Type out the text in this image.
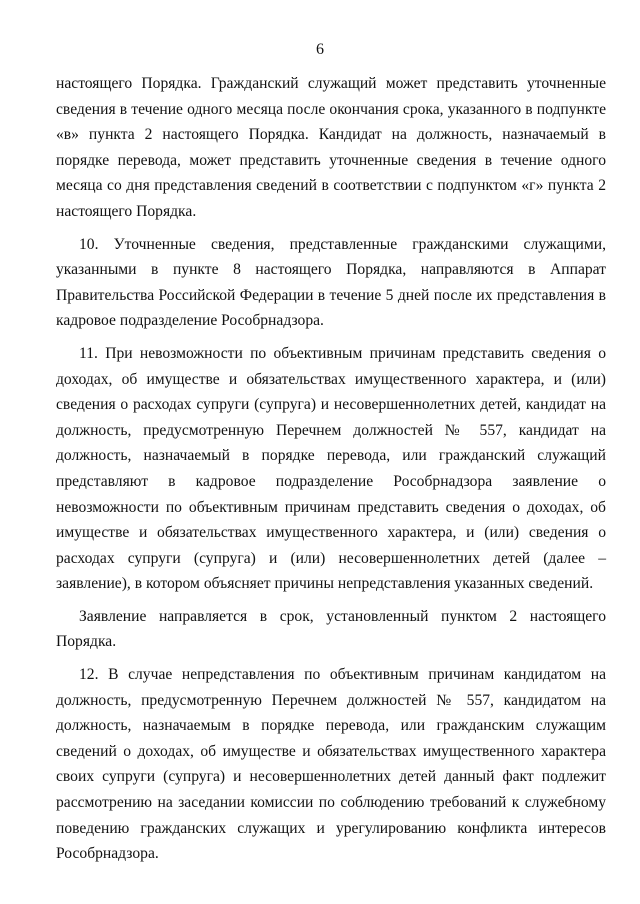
6

настоящего Порядка. Гражданский служащий может представить уточненные сведения в течение одного месяца после окончания срока, указанного в подпункте «в» пункта 2 настоящего Порядка. Кандидат на должность, назначаемый в порядке перевода, может представить уточненные сведения в течение одного месяца со дня представления сведений в соответствии с подпунктом «г» пункта 2 настоящего Порядка.

10. Уточненные сведения, представленные гражданскими служащими, указанными в пункте 8 настоящего Порядка, направляются в Аппарат Правительства Российской Федерации в течение 5 дней после их представления в кадровое подразделение Рособрнадзора.

11. При невозможности по объективным причинам представить сведения о доходах, об имуществе и обязательствах имущественного характера, и (или) сведения о расходах супруги (супруга) и несовершеннолетних детей, кандидат на должность, предусмотренную Перечнем должностей № 557, кандидат на должность, назначаемый в порядке перевода, или гражданский служащий представляют в кадровое подразделение Рособрнадзора заявление о невозможности по объективным причинам представить сведения о доходах, об имуществе и обязательствах имущественного характера, и (или) сведения о расходах супруги (супруга) и (или) несовершеннолетних детей (далее – заявление), в котором объясняет причины непредставления указанных сведений.

Заявление направляется в срок, установленный пунктом 2 настоящего Порядка.

12. В случае непредставления по объективным причинам кандидатом на должность, предусмотренную Перечнем должностей № 557, кандидатом на должность, назначаемым в порядке перевода, или гражданским служащим сведений о доходах, об имуществе и обязательствах имущественного характера своих супруги (супруга) и несовершеннолетних детей данный факт подлежит рассмотрению на заседании комиссии по соблюдению требований к служебному поведению гражданских служащих и урегулированию конфликта интересов Рособрнадзора.
